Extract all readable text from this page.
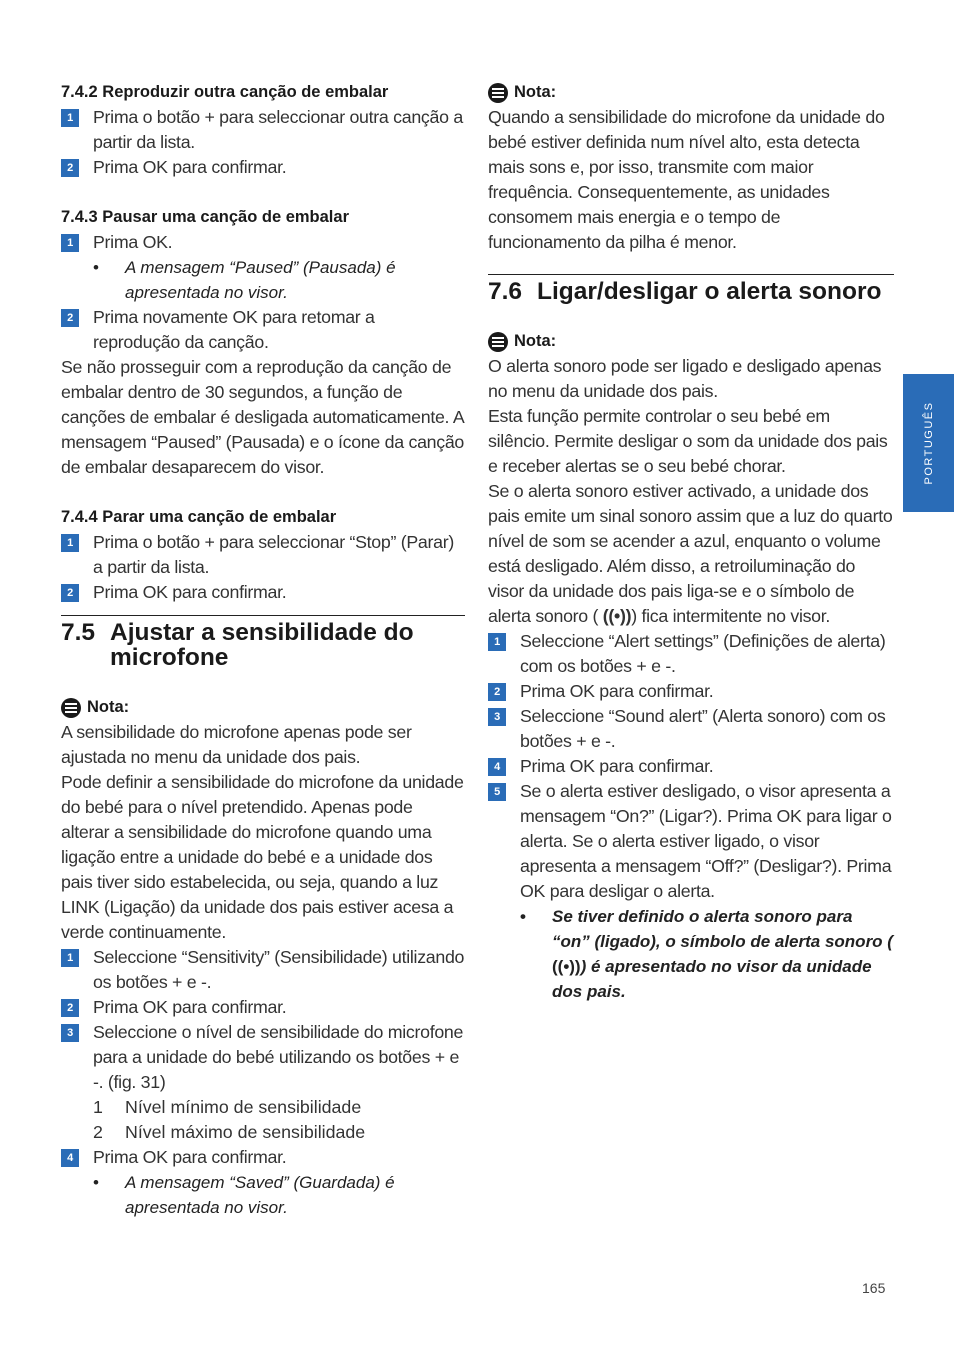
7.4.2 Reproduzir outra canção de embalar
1	Prima o botão + para seleccionar outra canção a partir da lista.
2	Prima OK para confirmar.
7.4.3 Pausar uma canção de embalar
1	Prima OK.
•	A mensagem “Paused” (Pausada) é apresentada no visor.
2	Prima novamente OK para retomar a reprodução da canção.
Se não prosseguir com a reprodução da canção de embalar dentro de 30 segundos, a função de canções de embalar é desligada automaticamente. A mensagem “Paused” (Pausada) e o ícone da canção de embalar desaparecem do visor.
7.4.4 Parar uma canção de embalar
1	Prima o botão + para seleccionar “Stop” (Parar) a partir da lista.
2	Prima OK para confirmar.
7.5 Ajustar a sensibilidade do microfone
Nota:
A sensibilidade do microfone apenas pode ser ajustada no menu da unidade dos pais.
Pode definir a sensibilidade do microfone da unidade do bebé para o nível pretendido. Apenas pode alterar a sensibilidade do microfone quando uma ligação entre a unidade do bebé e a unidade dos pais tiver sido estabelecida, ou seja, quando a luz LINK (Ligação) da unidade dos pais estiver acesa a verde continuamente.
1	Seleccione “Sensitivity” (Sensibilidade) utilizando os botões + e -.
2	Prima OK para confirmar.
3	Seleccione o nível de sensibilidade do microfone para a unidade do bebé utilizando os botões + e -. (fig. 31)
1	Nível mínimo de sensibilidade
2	Nível máximo de sensibilidade
4	Prima OK para confirmar.
•	A mensagem “Saved” (Guardada) é apresentada no visor.
Nota:
Quando a sensibilidade do microfone da unidade do bebé estiver definida num nível alto, esta detecta mais sons e, por isso, transmite com maior frequência. Consequentemente, as unidades consomem mais energia e o tempo de funcionamento da pilha é menor.
7.6 Ligar/desligar o alerta sonoro
Nota:
O alerta sonoro pode ser ligado e desligado apenas no menu da unidade dos pais.
Esta função permite controlar o seu bebé em silêncio. Permite desligar o som da unidade dos pais e receber alertas se o seu bebé chorar.
Se o alerta sonoro estiver activado, a unidade dos pais emite um sinal sonoro assim que a luz do quarto nível de som se acender a azul, enquanto o volume está desligado. Além disso, a retroiluminação do visor da unidade dos pais liga-se e o símbolo de alerta sonoro ( ((•))) fica intermitente no visor.
1	Seleccione “Alert settings” (Definições de alerta) com os botões + e -.
2	Prima OK para confirmar.
3	Seleccione “Sound alert” (Alerta sonoro) com os botões + e -.
4	Prima OK para confirmar.
5	Se o alerta estiver desligado, o visor apresenta a mensagem “On?” (Ligar?). Prima OK para ligar o alerta. Se o alerta estiver ligado, o visor apresenta a mensagem “Off?” (Desligar?). Prima OK para desligar o alerta.
•	Se tiver definido o alerta sonoro para “on” (ligado), o símbolo de alerta sonoro ( ((•))) é apresentado no visor da unidade dos pais.
PORTUGUÊS
165
